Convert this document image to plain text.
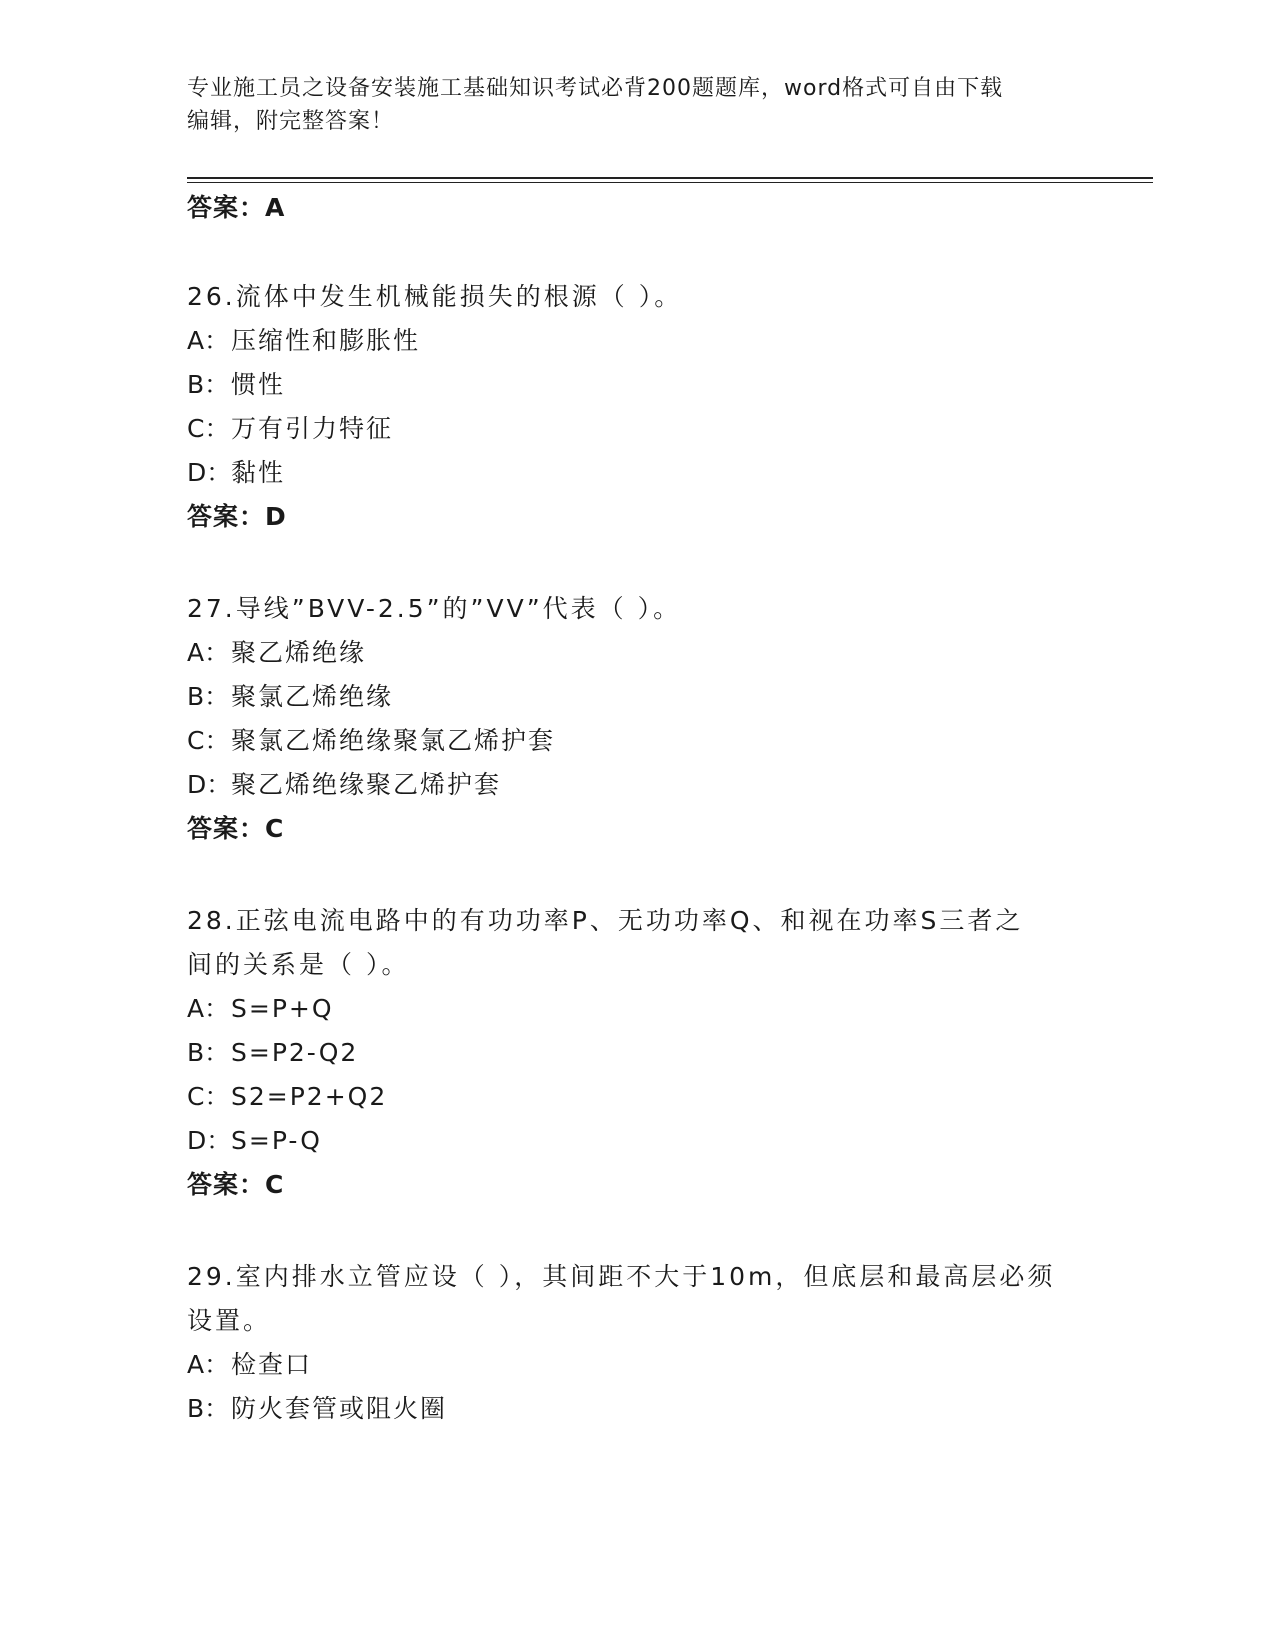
专业施工员之设备安装施工基础知识考试必背200题题库，word格式可自由下载
编辑，附完整答案！
答案：A
26.流体中发生机械能损失的根源（ ）。
A：压缩性和膨胀性
B：惯性
C：万有引力特征
D：黏性
答案：D
27.导线”BVV-2.5”的”VV”代表（ ）。
A：聚乙烯绝缘
B：聚氯乙烯绝缘
C：聚氯乙烯绝缘聚氯乙烯护套
D：聚乙烯绝缘聚乙烯护套
答案：C
28.正弦电流电路中的有功功率P、无功功率Q、和视在功率S三者之
间的关系是（ ）。
A：S=P+Q
B：S=P2-Q2
C：S2=P2+Q2
D：S=P-Q
答案：C
29.室内排水立管应设（ ），其间距不大于10m，但底层和最高层必须
设置。
A：检查口
B：防火套管或阻火圈
